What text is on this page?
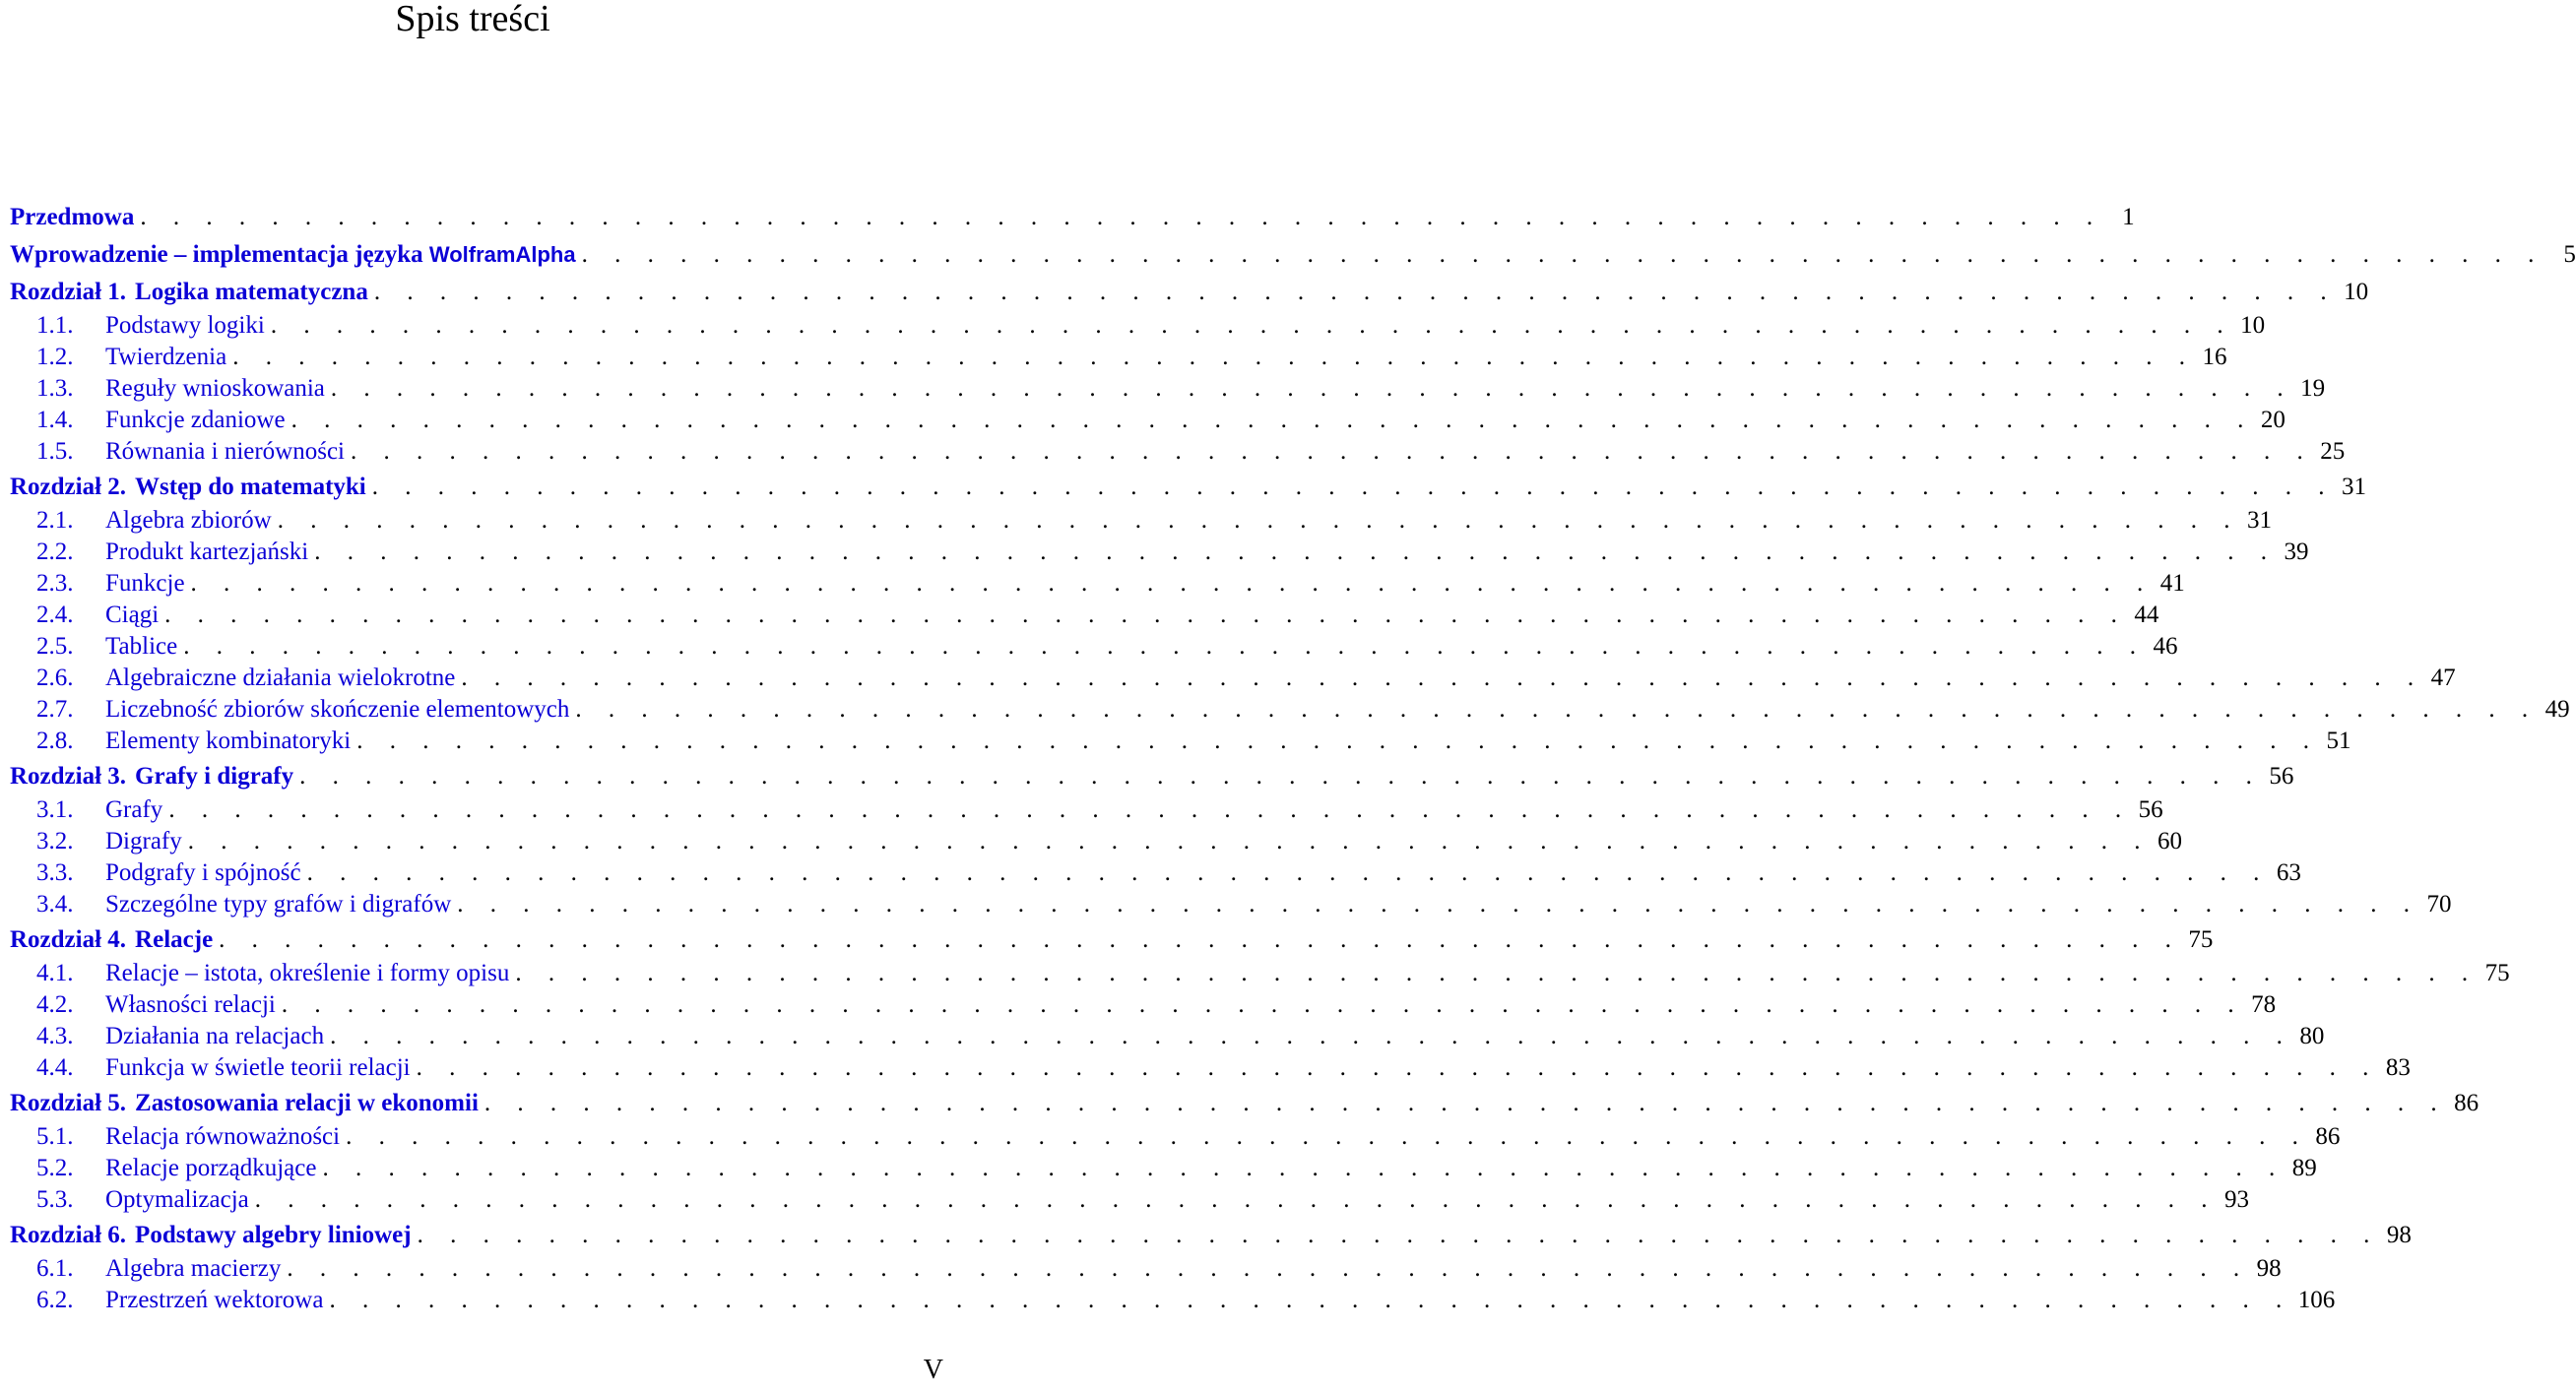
Spis treści
Przedmowa . . . . . . . . . . . . . . . . . . . . . . . . . . . . . . . . . . . . . . . . . . . . . . . . . . . . . . . . . . . . 1
Wprowadzenie – implementacja języka WolframAlpha . . . . . . . . . . . . . . . . . . . . . . . . . . . . . . . . . . . . . . . . . . . . . . . . . . . . . . . . . . . . 5
Rozdział 1. Logika matematyczna . . . . . . . . . . . . . . . . . . . . . . . . . . . . . . . . . . . . . . . . . . . . . . . . . . . . . . . . . . . . 10
1.1.	Podstawy logiki . . . . . . . . . . . . . . . . . . . . . . . . . . . . . . . . . . . . . . . . . . . . . . . . . . . . . . . . . . . . 10
1.2.	Twierdzenia . . . . . . . . . . . . . . . . . . . . . . . . . . . . . . . . . . . . . . . . . . . . . . . . . . . . . . . . . . . . 16
1.3.	Reguły wnioskowania . . . . . . . . . . . . . . . . . . . . . . . . . . . . . . . . . . . . . . . . . . . . . . . . . . . . . . . . . . . . 19
1.4.	Funkcje zdaniowe . . . . . . . . . . . . . . . . . . . . . . . . . . . . . . . . . . . . . . . . . . . . . . . . . . . . . . . . . . . . 20
1.5.	Równania i nierówności . . . . . . . . . . . . . . . . . . . . . . . . . . . . . . . . . . . . . . . . . . . . . . . . . . . . . . . . . . . . 25
Rozdział 2. Wstęp do matematyki . . . . . . . . . . . . . . . . . . . . . . . . . . . . . . . . . . . . . . . . . . . . . . . . . . . . . . . . . . . . 31
2.1.	Algebra zbiorów . . . . . . . . . . . . . . . . . . . . . . . . . . . . . . . . . . . . . . . . . . . . . . . . . . . . . . . . . . . . 31
2.2.	Produkt kartezjański . . . . . . . . . . . . . . . . . . . . . . . . . . . . . . . . . . . . . . . . . . . . . . . . . . . . . . . . . . . . 39
2.3.	Funkcje . . . . . . . . . . . . . . . . . . . . . . . . . . . . . . . . . . . . . . . . . . . . . . . . . . . . . . . . . . . . 41
2.4.	Ciągi . . . . . . . . . . . . . . . . . . . . . . . . . . . . . . . . . . . . . . . . . . . . . . . . . . . . . . . . . . . . 44
2.5.	Tablice . . . . . . . . . . . . . . . . . . . . . . . . . . . . . . . . . . . . . . . . . . . . . . . . . . . . . . . . . . . . 46
2.6.	Algebraiczne działania wielokrotne . . . . . . . . . . . . . . . . . . . . . . . . . . . . . . . . . . . . . . . . . . . . . . . . . . . . . . . . . . . . 47
2.7.	Liczebność zbiorów skończenie elementowych . . . . . . . . . . . . . . . . . . . . . . . . . . . . . . . . . . . . . . . . . . . . . . . . . . . . . . . . . . . . 49
2.8.	Elementy kombinatoryki . . . . . . . . . . . . . . . . . . . . . . . . . . . . . . . . . . . . . . . . . . . . . . . . . . . . . . . . . . . . 51
Rozdział 3. Grafy i digrafy . . . . . . . . . . . . . . . . . . . . . . . . . . . . . . . . . . . . . . . . . . . . . . . . . . . . . . . . . . . . 56
3.1.	Grafy . . . . . . . . . . . . . . . . . . . . . . . . . . . . . . . . . . . . . . . . . . . . . . . . . . . . . . . . . . . . 56
3.2.	Digrafy . . . . . . . . . . . . . . . . . . . . . . . . . . . . . . . . . . . . . . . . . . . . . . . . . . . . . . . . . . . . 60
3.3.	Podgrafy i spójność . . . . . . . . . . . . . . . . . . . . . . . . . . . . . . . . . . . . . . . . . . . . . . . . . . . . . . . . . . . . 63
3.4.	Szczególne typy grafów i digrafów . . . . . . . . . . . . . . . . . . . . . . . . . . . . . . . . . . . . . . . . . . . . . . . . . . . . . . . . . . . . 70
Rozdział 4. Relacje . . . . . . . . . . . . . . . . . . . . . . . . . . . . . . . . . . . . . . . . . . . . . . . . . . . . . . . . . . . . 75
4.1.	Relacje – istota, określenie i formy opisu . . . . . . . . . . . . . . . . . . . . . . . . . . . . . . . . . . . . . . . . . . . . . . . . . . . . . . . . . . . . 75
4.2.	Własności relacji . . . . . . . . . . . . . . . . . . . . . . . . . . . . . . . . . . . . . . . . . . . . . . . . . . . . . . . . . . . . 78
4.3.	Działania na relacjach . . . . . . . . . . . . . . . . . . . . . . . . . . . . . . . . . . . . . . . . . . . . . . . . . . . . . . . . . . . . 80
4.4.	Funkcja w świetle teorii relacji . . . . . . . . . . . . . . . . . . . . . . . . . . . . . . . . . . . . . . . . . . . . . . . . . . . . . . . . . . . . 83
Rozdział 5. Zastosowania relacji w ekonomii . . . . . . . . . . . . . . . . . . . . . . . . . . . . . . . . . . . . . . . . . . . . . . . . . . . . . . . . . . . . 86
5.1.	Relacja równoważności . . . . . . . . . . . . . . . . . . . . . . . . . . . . . . . . . . . . . . . . . . . . . . . . . . . . . . . . . . . . 86
5.2.	Relacje porządkujące . . . . . . . . . . . . . . . . . . . . . . . . . . . . . . . . . . . . . . . . . . . . . . . . . . . . . . . . . . . . 89
5.3.	Optymalizacja . . . . . . . . . . . . . . . . . . . . . . . . . . . . . . . . . . . . . . . . . . . . . . . . . . . . . . . . . . . . 93
Rozdział 6. Podstawy algebry liniowej . . . . . . . . . . . . . . . . . . . . . . . . . . . . . . . . . . . . . . . . . . . . . . . . . . . . . . . . . . . . 98
6.1.	Algebra macierzy . . . . . . . . . . . . . . . . . . . . . . . . . . . . . . . . . . . . . . . . . . . . . . . . . . . . . . . . . . . . 98
6.2.	Przestrzeń wektorowa . . . . . . . . . . . . . . . . . . . . . . . . . . . . . . . . . . . . . . . . . . . . . . . . . . . . . . . . . . . . 106
V
